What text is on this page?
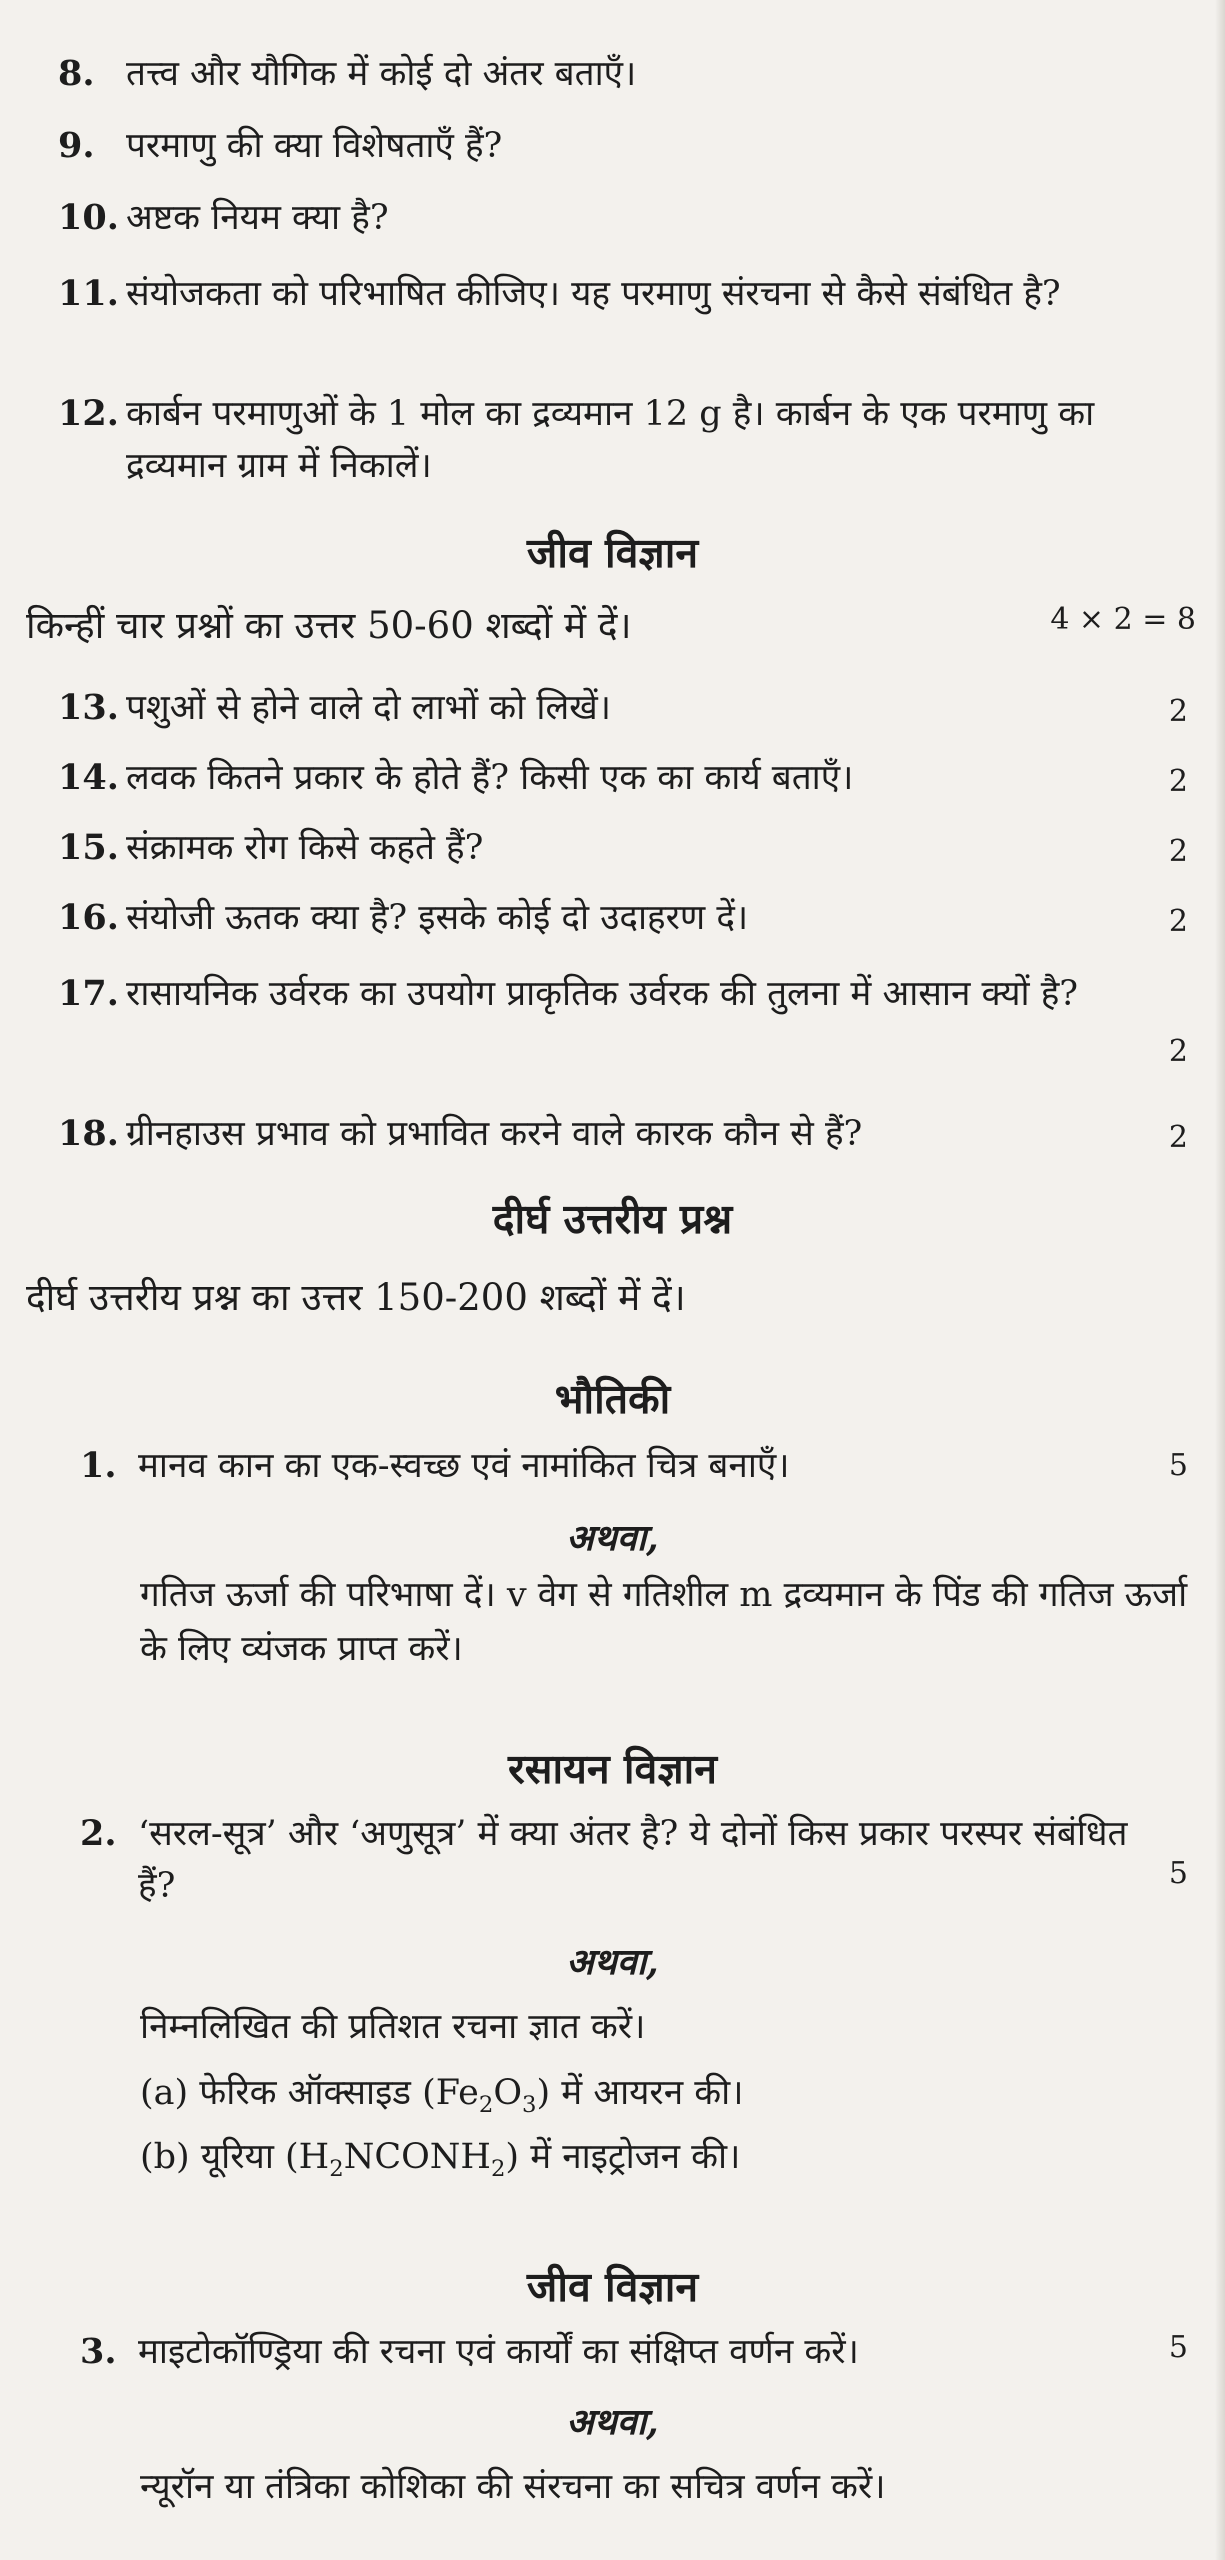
8. तत्त्व और यौगिक में कोई दो अंतर बताएँ।
9. परमाणु की क्या विशेषताएँ हैं?
10. अष्टक नियम क्या है?
11. संयोजकता को परिभाषित कीजिए। यह परमाणु संरचना से कैसे संबंधित है?
12. कार्बन परमाणुओं के 1 मोल का द्रव्यमान 12 g है। कार्बन के एक परमाणु का द्रव्यमान ग्राम में निकालें।
जीव विज्ञान
किन्हीं चार प्रश्नों का उत्तर 50-60 शब्दों में दें।	4 × 2 = 8
13. पशुओं से होने वाले दो लाभों को लिखें।	2
14. लवक कितने प्रकार के होते हैं? किसी एक का कार्य बताएँ।	2
15. संक्रामक रोग किसे कहते हैं?	2
16. संयोजी ऊतक क्या है? इसके कोई दो उदाहरण दें।	2
17. रासायनिक उर्वरक का उपयोग प्राकृतिक उर्वरक की तुलना में आसान क्यों है?
2
18. ग्रीनहाउस प्रभाव को प्रभावित करने वाले कारक कौन से हैं?	2
दीर्घ उत्तरीय प्रश्न
दीर्घ उत्तरीय प्रश्न का उत्तर 150-200 शब्दों में दें।
भौतिकी
1. मानव कान का एक-स्वच्छ एवं नामांकित चित्र बनाएँ।	5
अथवा,
गतिज ऊर्जा की परिभाषा दें। v वेग से गतिशील m द्रव्यमान के पिंड की गतिज ऊर्जा के लिए व्यंजक प्राप्त करें।
रसायन विज्ञान
2. ‘सरल-सूत्र’ और ‘अणुसूत्र’ में क्या अंतर है? ये दोनों किस प्रकार परस्पर संबंधित हैं?	5
अथवा,
निम्नलिखित की प्रतिशत रचना ज्ञात करें।
(a) फेरिक ऑक्साइड $(Fe_2O_3)$ में आयरन की।
(b) यूरिया $(H_2NCONH_2)$ में नाइट्रोजन की।
जीव विज्ञान
3. माइटोकॉण्ड्रिया की रचना एवं कार्यों का संक्षिप्त वर्णन करें।	5
अथवा,
न्यूरॉन या तंत्रिका कोशिका की संरचना का सचित्र वर्णन करें।
